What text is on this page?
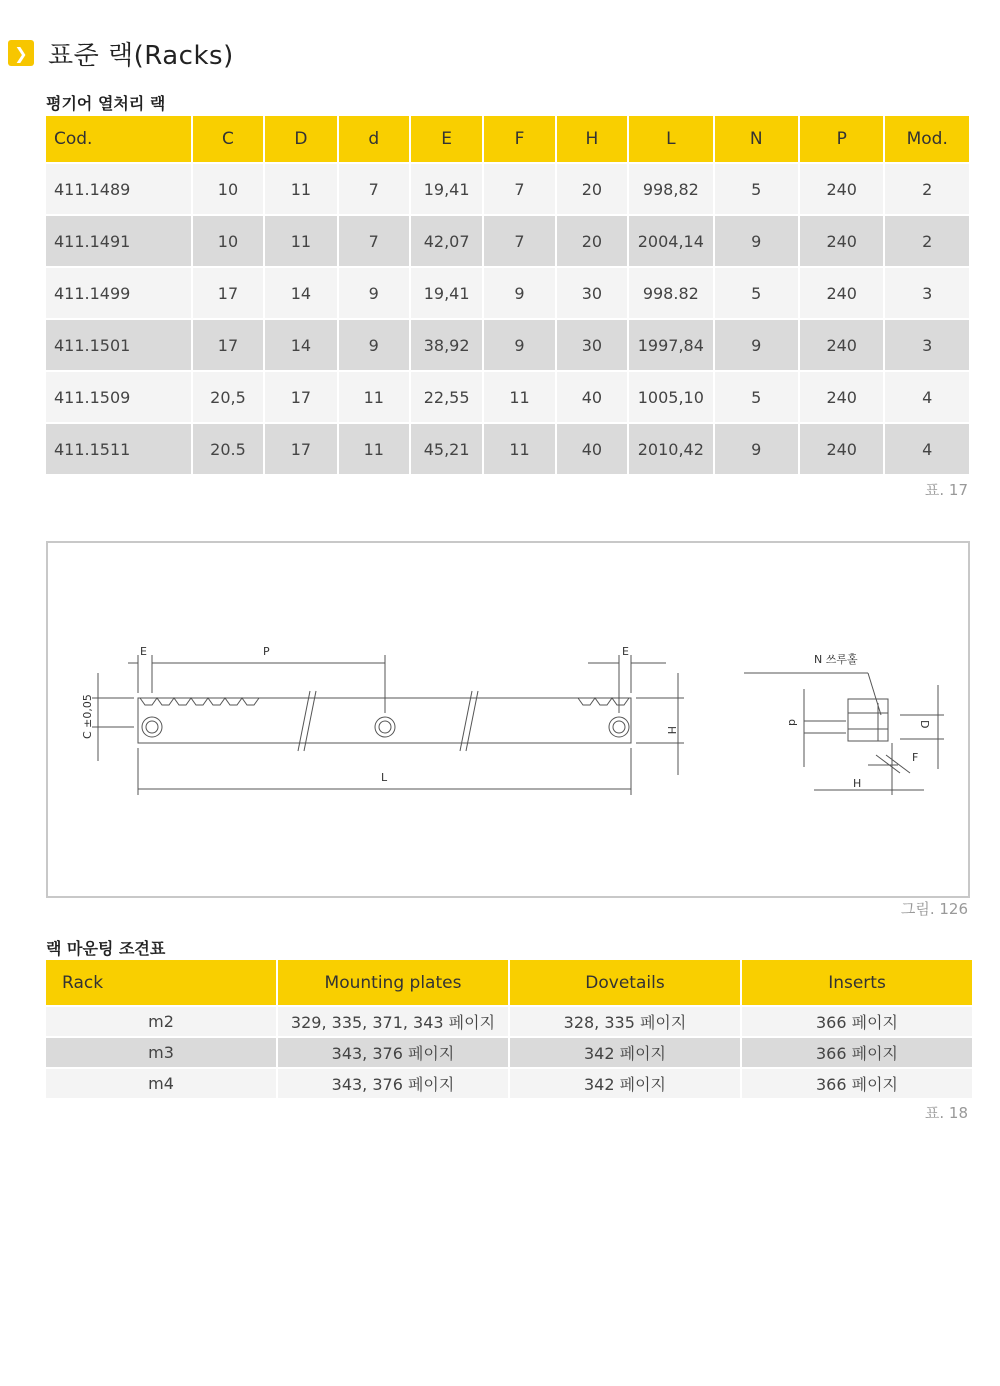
❯ 표준 랙(Racks)
평기어 열처리 랙
Cod.	C	D	d	E	F	H	L	N	P	Mod.
411.1489	10	11	7	19,41	7	20	998,82	5	240	2
411.1491	10	11	7	42,07	7	20	2004,14	9	240	2
411.1499	17	14	9	19,41	9	30	998.82	5	240	3
411.1501	17	14	9	38,92	9	30	1997,84	9	240	3
411.1509	20,5	17	11	22,55	11	40	1005,10	5	240	4
411.1511	20.5	17	11	45,21	11	40	2010,42	9	240	4
표. 17
E	P	E
C ±0,05	H
L
N 쓰루홀
d	D
F
H
그림. 126
랙 마운팅 조견표
Rack	Mounting plates	Dovetails	Inserts
m2	329, 335, 371, 343 페이지	328, 335 페이지	366 페이지
m3	343, 376 페이지	342 페이지	366 페이지
m4	343, 376 페이지	342 페이지	366 페이지
표. 18
